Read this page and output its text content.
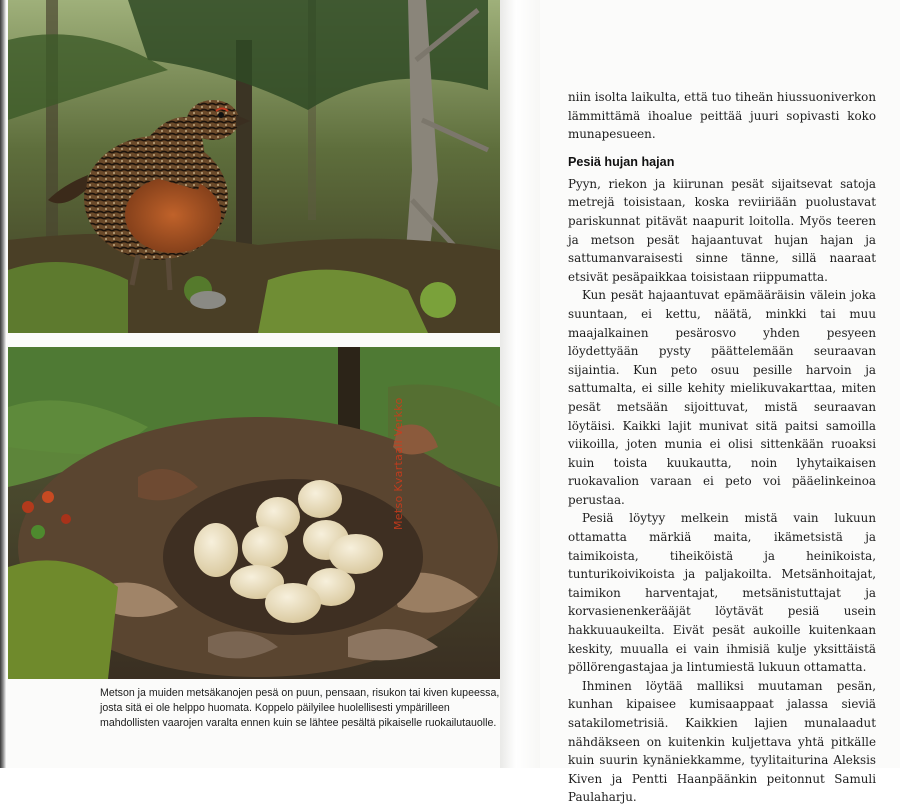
Metso Kvartaali Verkko
Metson ja muiden metsäkanojen pesä on puun, pensaan, risukon tai kiven kupeessa, josta sitä ei ole helppo huomata. Koppelo päilyilee huolellisesti ympärilleen mahdollisten vaarojen varalta ennen kuin se lähtee pesältä pikaiselle ruokailutauolle.

niin isolta laikulta, että tuo tiheän hiussuoniverkon lämmittämä ihoalue peittää juuri sopivasti koko munapesueen.

Pesiä hujan hajan

Pyyn, riekon ja kiirunan pesät sijaitsevat satoja metrejä toisistaan, koska reviiriään puolustavat pariskunnat pitävät naapurit loitolla. Myös teeren ja metson pesät hajaantuvat hujan hajan ja sattumanvaraisesti sinne tänne, sillä naaraat etsivät pesäpaikkaa toisistaan riippumatta.

Kun pesät hajaantuvat epämääräisin välein joka suuntaan, ei kettu, näätä, minkki tai muu maajalkainen pesärosvo yhden pesyeen löydettyään pysty päättelemään seuraavan sijaintia. Kun peto osuu pesille harvoin ja sattumalta, ei sille kehity mielikuvakarttaa, miten pesät metsään sijoittuvat, mistä seuraavan löytäisi. Kaikki lajit munivat sitä paitsi samoilla viikoilla, joten munia ei olisi sittenkään ruoaksi kuin toista kuukautta, noin lyhytaikaisen ruokavalion varaan ei peto voi pääelinkeinoa perustaa.

Pesiä löytyy melkein mistä vain lukuun ottamatta märkiä maita, ikämetsistä ja taimikoista, tiheiköistä ja heinikoista, tunturikoivikoista ja paljakoilta. Metsänhoitajat, taimikon harventajat, metsänistuttajat ja korvasienenkerääjät löytävät pesiä usein hakkuuaukeilta. Eivät pesät aukoille kuitenkaan keskity, muualla ei vain ihmisiä kulje yksittäistä pöllörengastajaa ja lintumiestä lukuun ottamatta.

Ihminen löytää malliksi muutaman pesän, kunhan kipaisee kumisaappaat jalassa sieviä satakilometrisiä. Kaikkien lajien munalaadut nähdäkseen on kuitenkin kuljettava yhtä pitkälle kuin suurin kynäniekkamme, tyylitaiturina Aleksis Kiven ja Pentti Haanpäänkin peitonnut Samuli Paulaharju.
